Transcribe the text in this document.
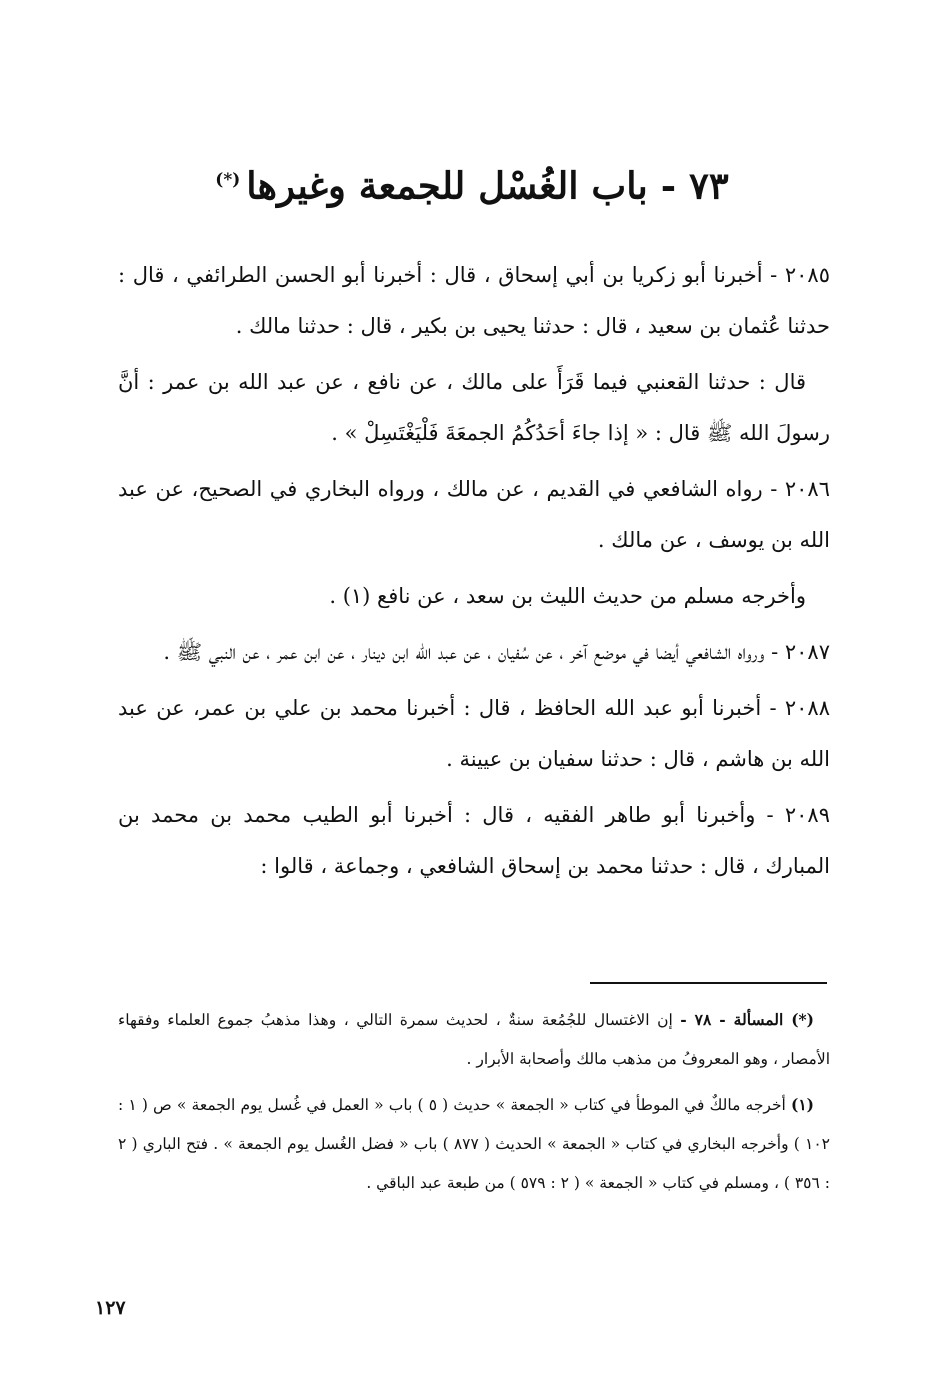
٧٣ - باب الغُسْل للجمعة وغيرها(*)

٢٠٨٥ - أخبرنا أبو زكريا بن أبي إسحاق ، قال : أخبرنا أبو الحسن الطرائفي ، قال : حدثنا عُثمان بن سعيد ، قال : حدثنا يحيى بن بكير ، قال : حدثنا مالك .

قال : حدثنا القعنبي فيما قَرَأَ على مالك ، عن نافع ، عن عبد الله بن عمر : أنَّ رسولَ الله ﷺ قال : « إذا جاءَ أحَدُكُمُ الجمعَةَ فَلْيَغْتَسِلْ » .

٢٠٨٦ - رواه الشافعي في القديم ، عن مالك ، ورواه البخاري في الصحيح، عن عبد الله بن يوسف ، عن مالك .

وأخرجه مسلم من حديث الليث بن سعد ، عن نافع (١) .

٢٠٨٧ - ورواه الشافعي أيضا في موضع آخر ، عن سُفيان ، عن عبد الله ابن دينار ، عن ابن عمر ، عن النبي ﷺ .

٢٠٨٨ - أخبرنا أبو عبد الله الحافظ ، قال : أخبرنا محمد بن علي بن عمر، عن عبد الله بن هاشم ، قال : حدثنا سفيان بن عيينة .

٢٠٨٩ - وأخبرنا أبو طاهر الفقيه ، قال : أخبرنا أبو الطيب محمد بن محمد بن المبارك ، قال : حدثنا محمد بن إسحاق الشافعي ، وجماعة ، قالوا :

(*) المسألة - ٧٨ - إن الاغتسال للجُمُعة سنةٌ ، لحديث سمرة التالي ، وهذا مذهبُ جموع العلماء وفقهاء الأمصار ، وهو المعروفُ من مذهب مالك وأصحابة الأبرار .

(١) أخرجه مالكٌ في الموطأ في كتاب « الجمعة » حديث ( ٥ ) باب « العمل في غُسل يوم الجمعة » ص ( ١ : ١٠٢ ) وأخرجه البخاري في كتاب « الجمعة » الحديث ( ٨٧٧ ) باب « فضل الغُسل يوم الجمعة » . فتح الباري ( ٢ : ٣٥٦ ) ، ومسلم في كتاب « الجمعة » ( ٢ : ٥٧٩ ) من طبعة عبد الباقي .

١٢٧
